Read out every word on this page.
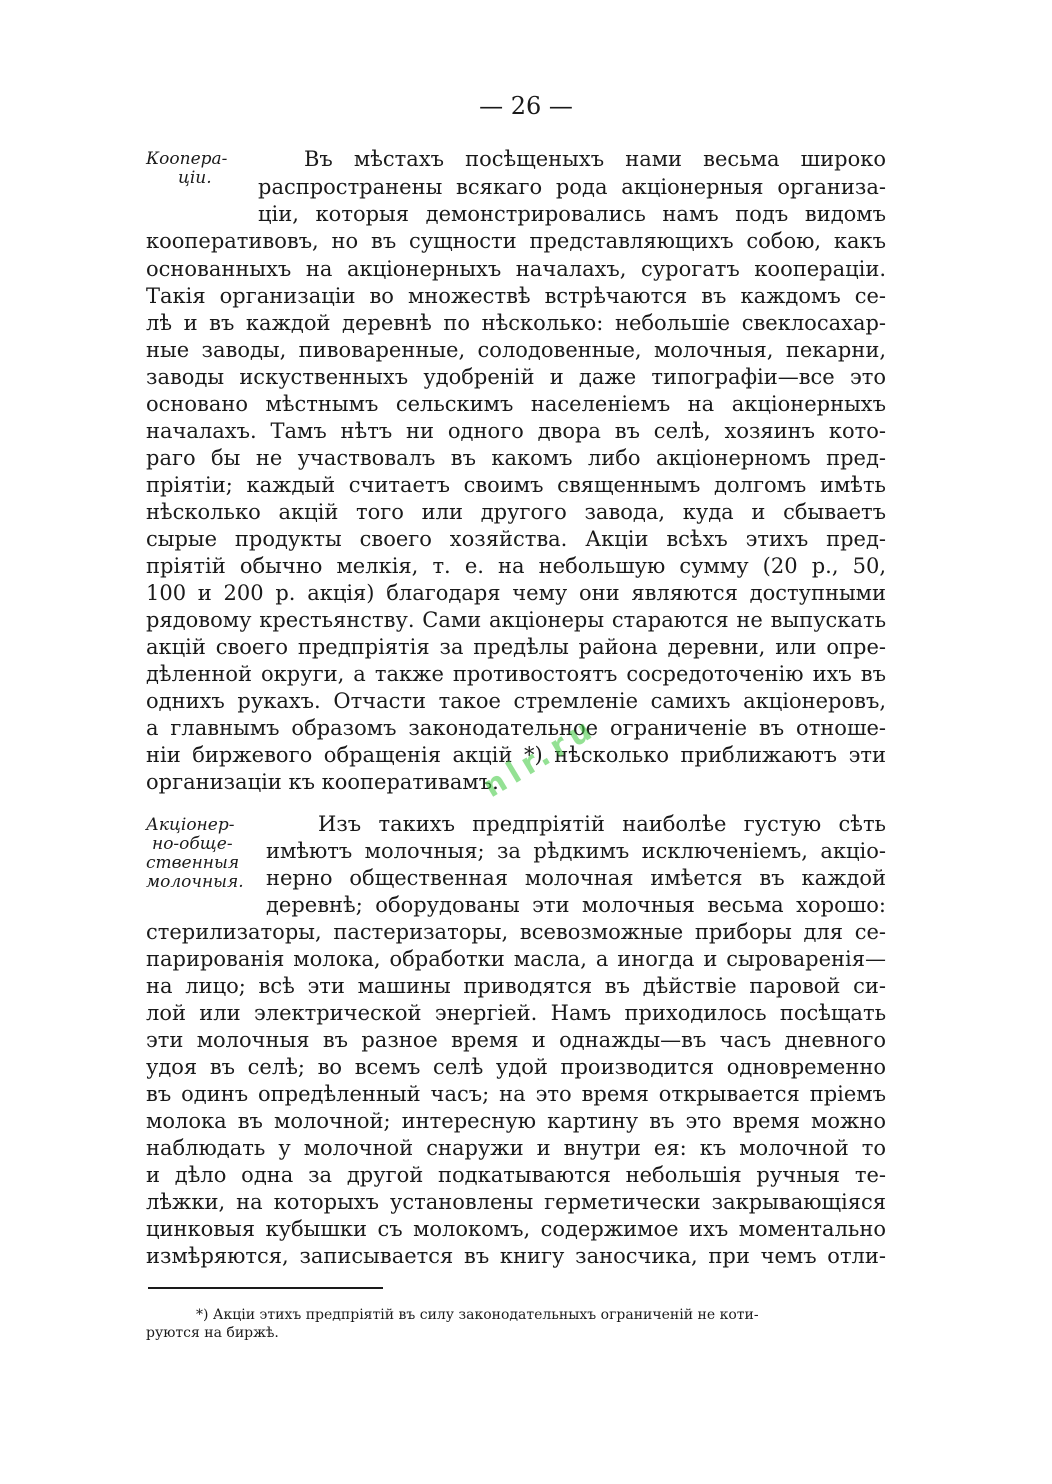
— 26 —
Коопера-
ціи.
Въ мѣстахъ посѣщеныхъ нами весьма широко
распространены всякаго рода акціонерныя организа-
ціи, которыя демонстрировались намъ подъ видомъ
кооперативовъ, но въ сущности представляющихъ собою, какъ
основанныхъ на акціонерныхъ началахъ, сурогатъ коопераціи.
Такія организаціи во множествѣ встрѣчаются въ каждомъ се-
лѣ и въ каждой деревнѣ по нѣсколько: небольшіе свеклосахар-
ные заводы, пивоваренные, солодовенные, молочныя, пекарни,
заводы искуственныхъ удобреній и даже типографіи—все это
основано мѣстнымъ сельскимъ населеніемъ на акціонерныхъ
началахъ. Тамъ нѣтъ ни одного двора въ селѣ, хозяинъ кото-
раго бы не участвовалъ въ какомъ либо акціонерномъ пред-
пріятіи; каждый считаетъ своимъ священнымъ долгомъ имѣть
нѣсколько акцій того или другого завода, куда и сбываетъ
сырые продукты своего хозяйства. Акціи всѣхъ этихъ пред-
пріятій обычно мелкія, т. е. на небольшую сумму (20 р., 50,
100 и 200 р. акція) благодаря чему они являются доступными
рядовому крестьянству. Сами акціонеры стараются не выпускать
акцій своего предпріятія за предѣлы района деревни, или опре-
дѣленной округи, а также противостоятъ сосредоточенію ихъ въ
однихъ рукахъ. Отчасти такое стремленіе самихъ акціонеровъ,
а главнымъ образомъ законодательное ограниченіе въ отноше-
ніи биржевого обращенія акцій *) нѣсколько приближаютъ эти
организаціи къ кооперативамъ.
Акціонер-
но-обще-
ственныя
молочныя.
Изъ такихъ предпріятій наиболѣе густую сѣть
имѣютъ молочныя; за рѣдкимъ исключеніемъ, акціо-
нерно общественная молочная имѣется въ каждой
деревнѣ; оборудованы эти молочныя весьма хорошо:
стерилизаторы, пастеризаторы, всевозможные приборы для се-
парированія молока, обработки масла, а иногда и сыроваренія—
на лицо; всѣ эти машины приводятся въ дѣйствіе паровой си-
лой или электрической энергіей. Намъ приходилось посѣщать
эти молочныя въ разное время и однажды—въ часъ дневного
удоя въ селѣ; во всемъ селѣ удой производится одновременно
въ одинъ опредѣленный часъ; на это время открывается пріемъ
молока въ молочной; интересную картину въ это время можно
наблюдать у молочной снаружи и внутри ея: къ молочной то
и дѣло одна за другой подкатываются небольшія ручныя те-
лѣжки, на которыхъ установлены герметически закрывающіяся
цинковыя кубышки съ молокомъ, содержимое ихъ моментально
измѣряются, записывается въ книгу заносчика, при чемъ отли-
*) Акціи этихъ предпріятій въ силу законодательныхъ ограниченій не коти-
руются на биржѣ.
nlr.ru
